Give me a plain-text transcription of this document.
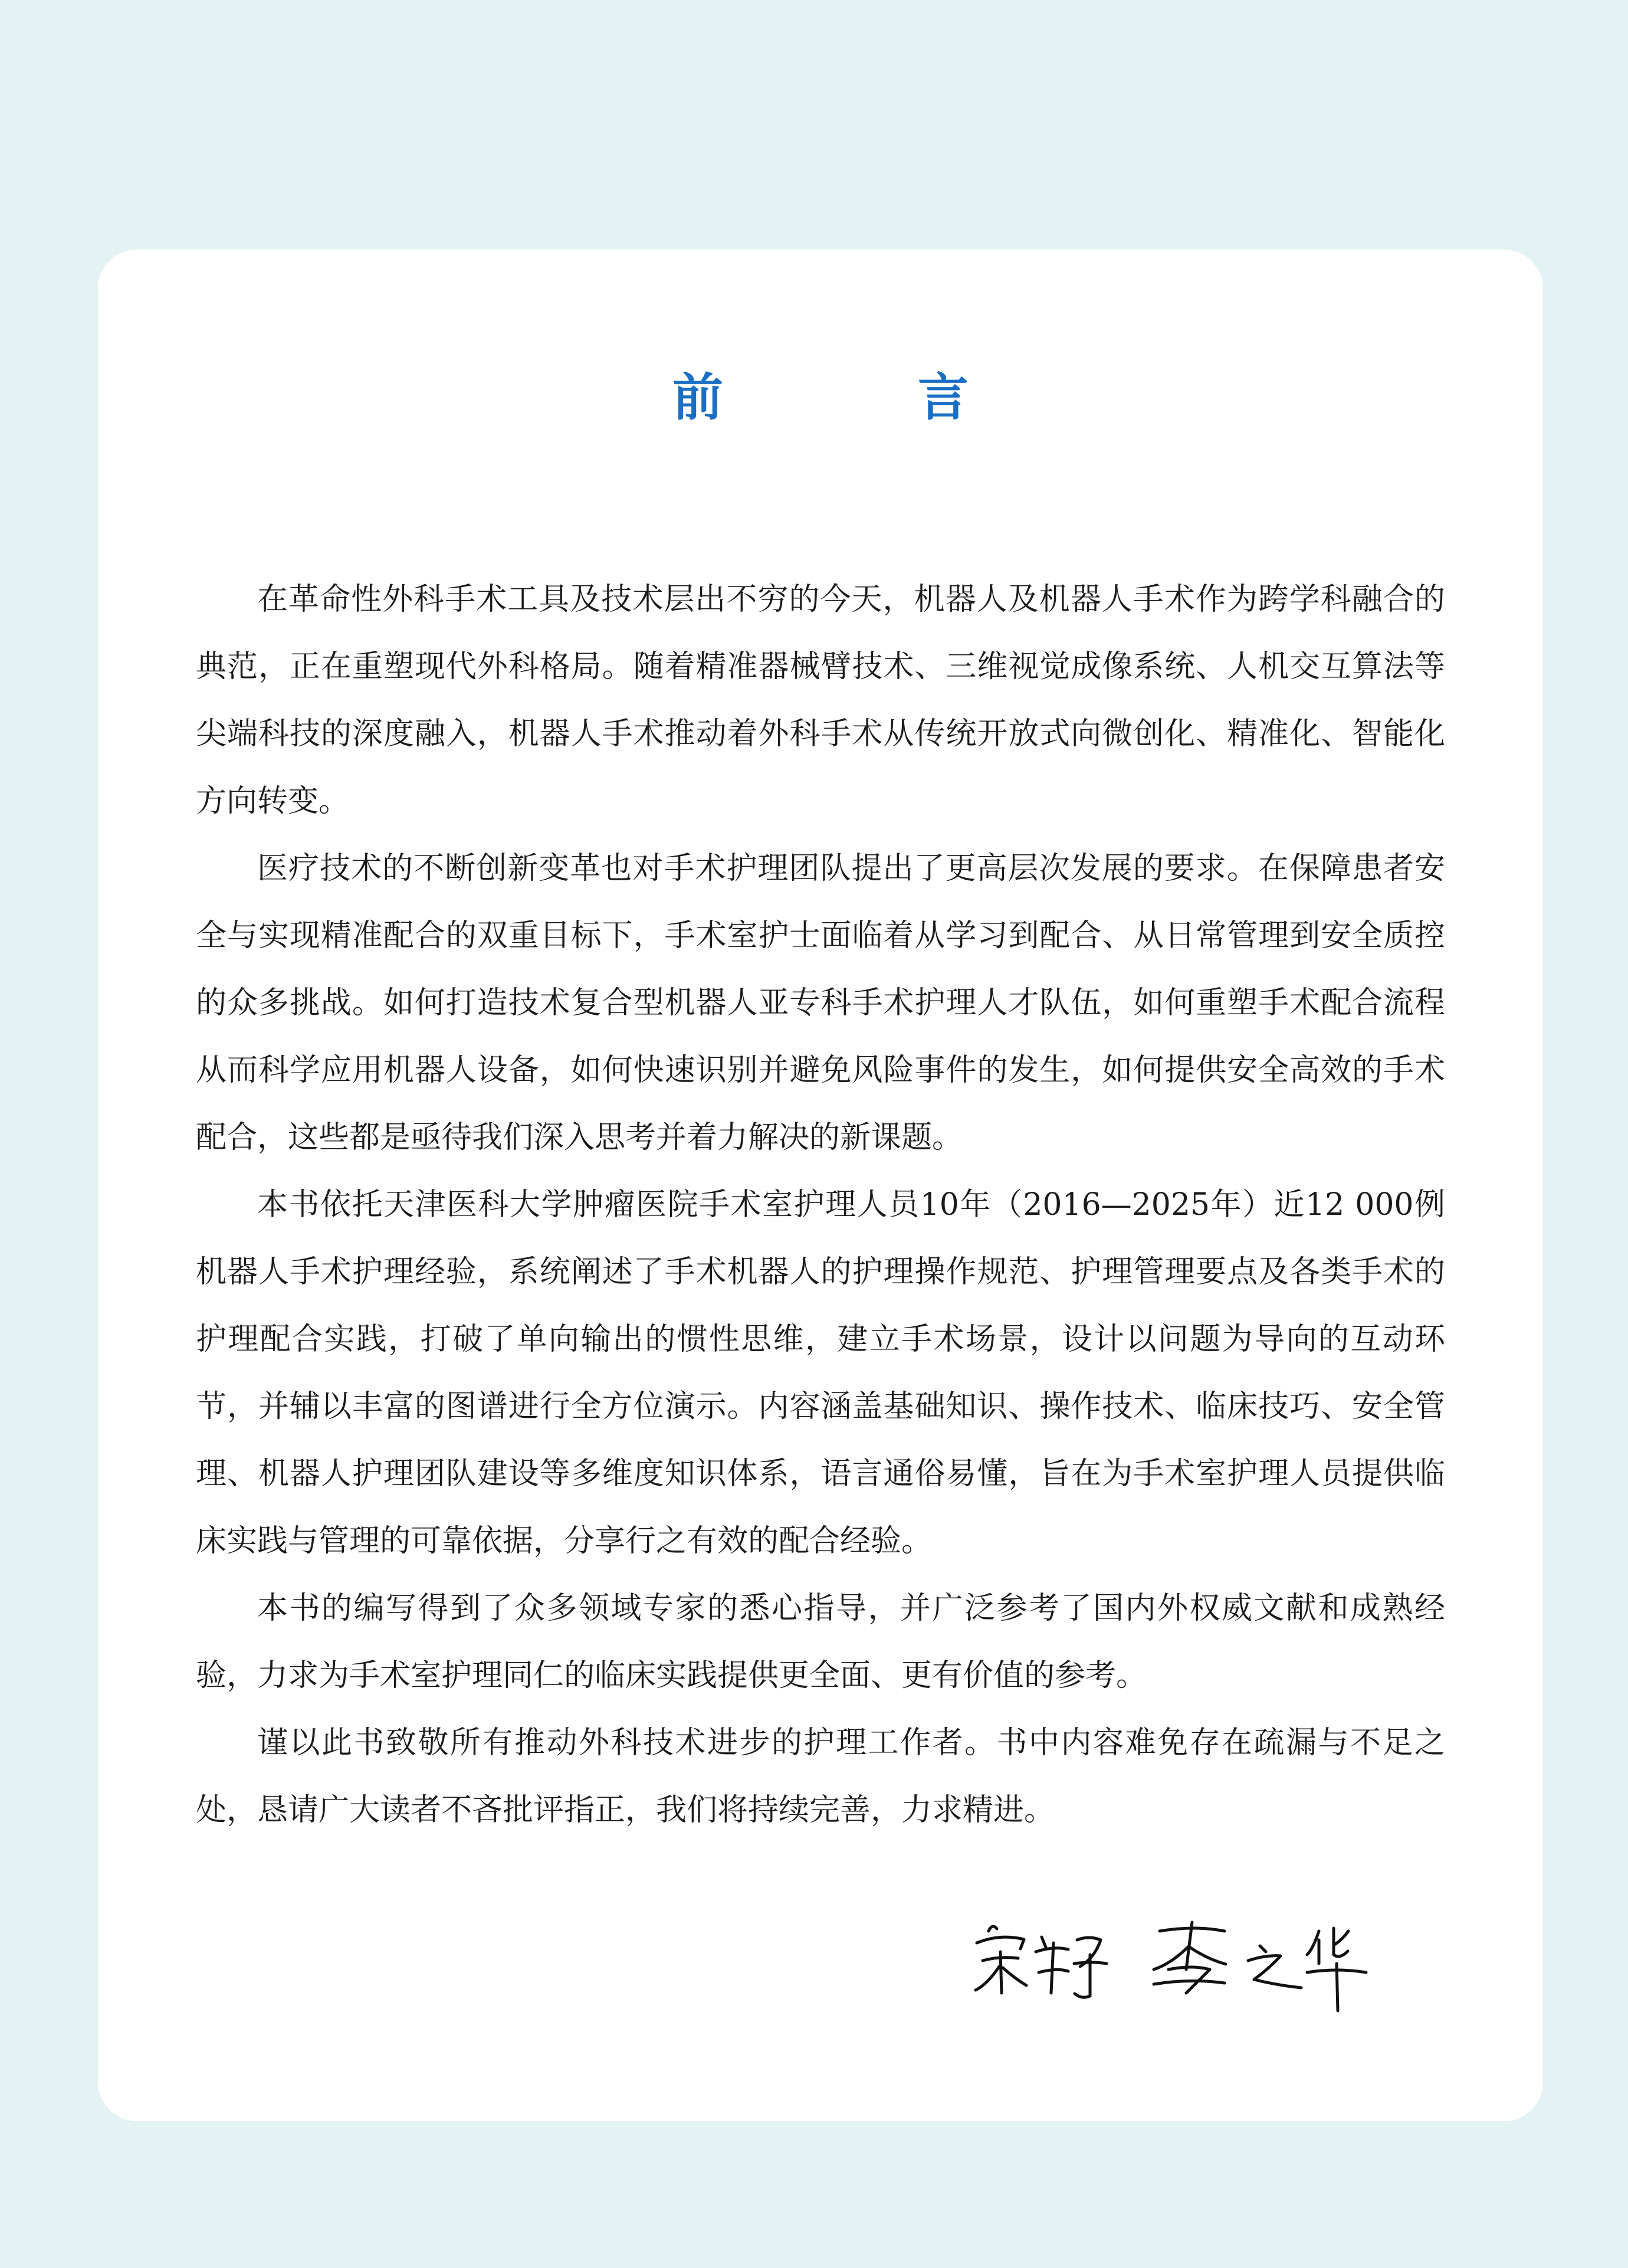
前 言

在革命性外科手术工具及技术层出不穷的今天，机器人及机器人手术作为跨学科融合的典范，正在重塑现代外科格局。随着精准器械臂技术、三维视觉成像系统、人机交互算法等尖端科技的深度融入，机器人手术推动着外科手术从传统开放式向微创化、精准化、智能化方向转变。

医疗技术的不断创新变革也对手术护理团队提出了更高层次发展的要求。在保障患者安全与实现精准配合的双重目标下，手术室护士面临着从学习到配合、从日常管理到安全质控的众多挑战。如何打造技术复合型机器人亚专科手术护理人才队伍，如何重塑手术配合流程从而科学应用机器人设备，如何快速识别并避免风险事件的发生，如何提供安全高效的手术配合，这些都是亟待我们深入思考并着力解决的新课题。

本书依托天津医科大学肿瘤医院手术室护理人员10年（2016—2025年）近12 000例机器人手术护理经验，系统阐述了手术机器人的护理操作规范、护理管理要点及各类手术的护理配合实践，打破了单向输出的惯性思维，建立手术场景，设计以问题为导向的互动环节，并辅以丰富的图谱进行全方位演示。内容涵盖基础知识、操作技术、临床技巧、安全管理、机器人护理团队建设等多维度知识体系，语言通俗易懂，旨在为手术室护理人员提供临床实践与管理的可靠依据，分享行之有效的配合经验。

本书的编写得到了众多领域专家的悉心指导，并广泛参考了国内外权威文献和成熟经验，力求为手术室护理同仁的临床实践提供更全面、更有价值的参考。

谨以此书致敬所有推动外科技术进步的护理工作者。书中内容难免存在疏漏与不足之处，恳请广大读者不吝批评指正，我们将持续完善，力求精进。
